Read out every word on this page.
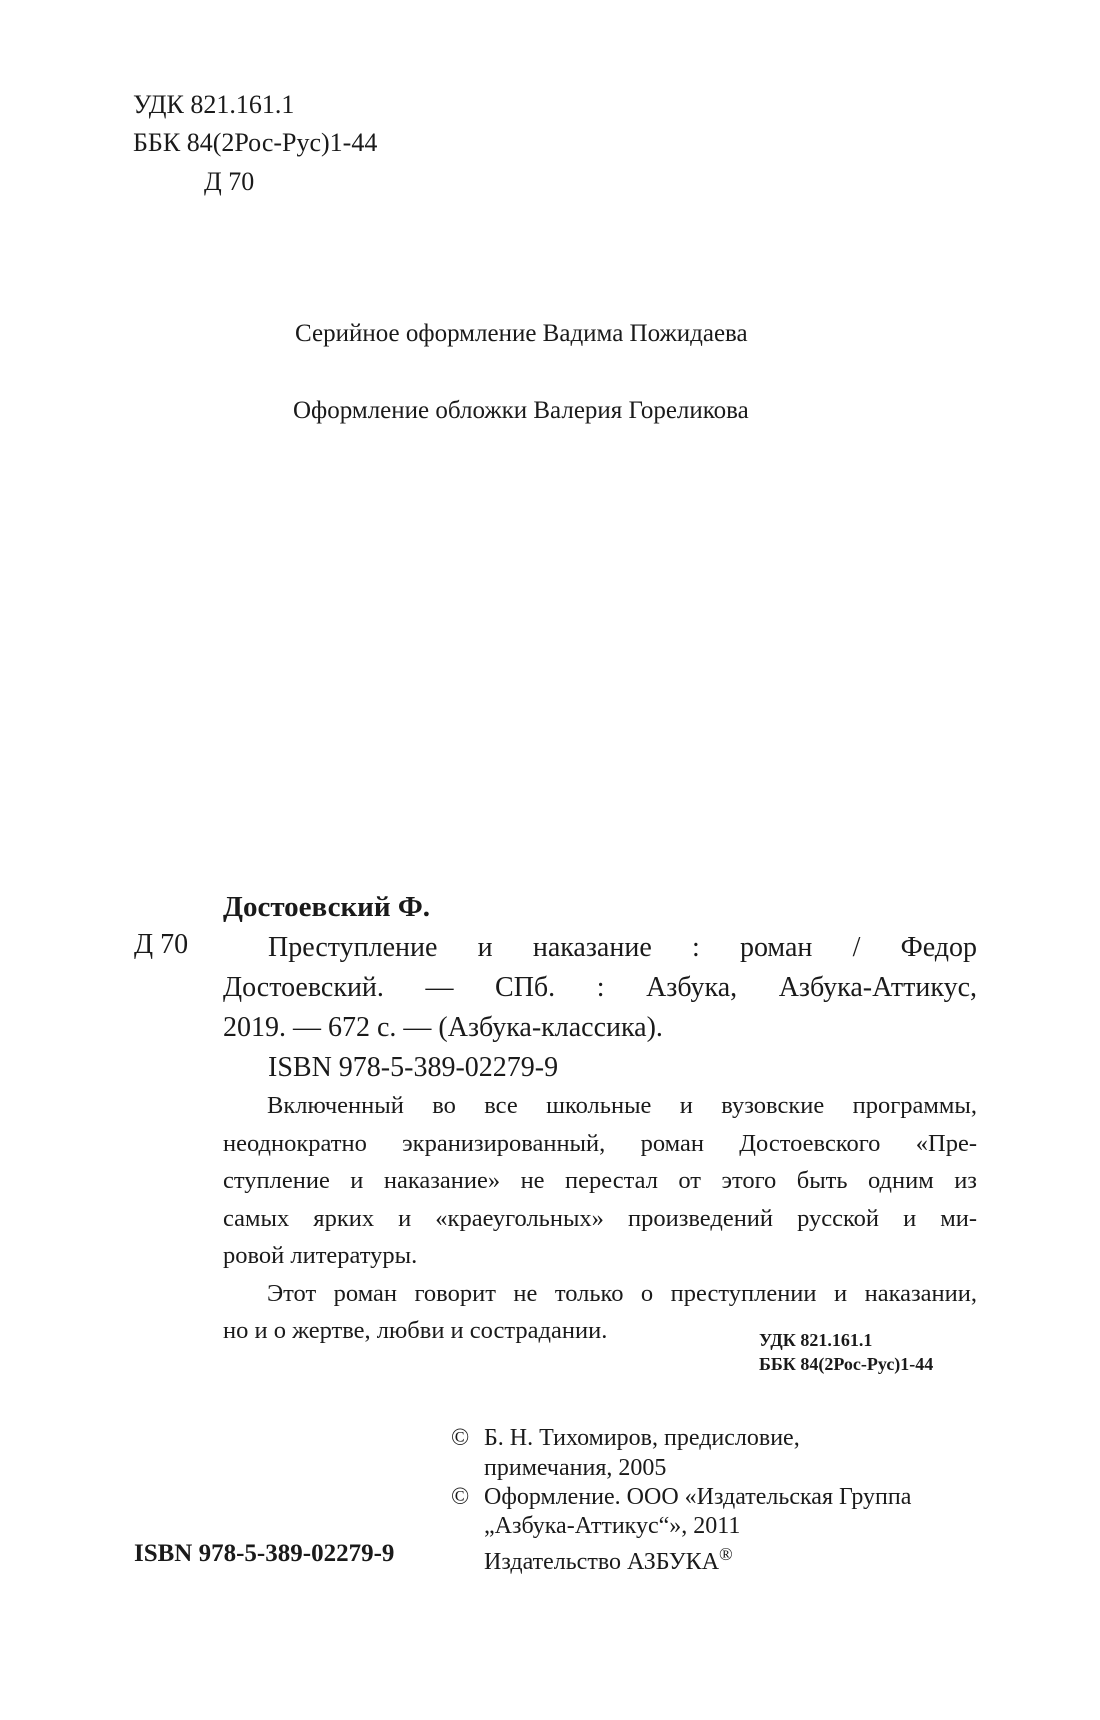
УДК 821.161.1
ББК 84(2Рос-Рус)1-44
Д 70
Серийное оформление Вадима Пожидаева
Оформление обложки Валерия Гореликова
Достоевский Ф.
Д 70	Преступление и наказание : роман / Федор
Достоевский. — СПб. : Азбука, Азбука-Аттикус,
2019. — 672 с. — (Азбука-классика).
ISBN 978-5-389-02279-9
Включенный во все школьные и вузовские программы,
неоднократно экранизированный, роман Достоевского «Пре-
ступление и наказание» не перестал от этого быть одним из
самых ярких и «краеугольных» произведений русской и ми-
ровой литературы.
Этот роман говорит не только о преступлении и наказании,
но и о жертве, любви и сострадании.	УДК 821.161.1
ББК 84(2Рос-Рус)1-44
© Б. Н. Тихомиров, предисловие,
примечания, 2005
© Оформление. ООО «Издательская Группа
„Азбука-Аттикус“», 2011
Издательство АЗБУКА®
ISBN 978-5-389-02279-9
